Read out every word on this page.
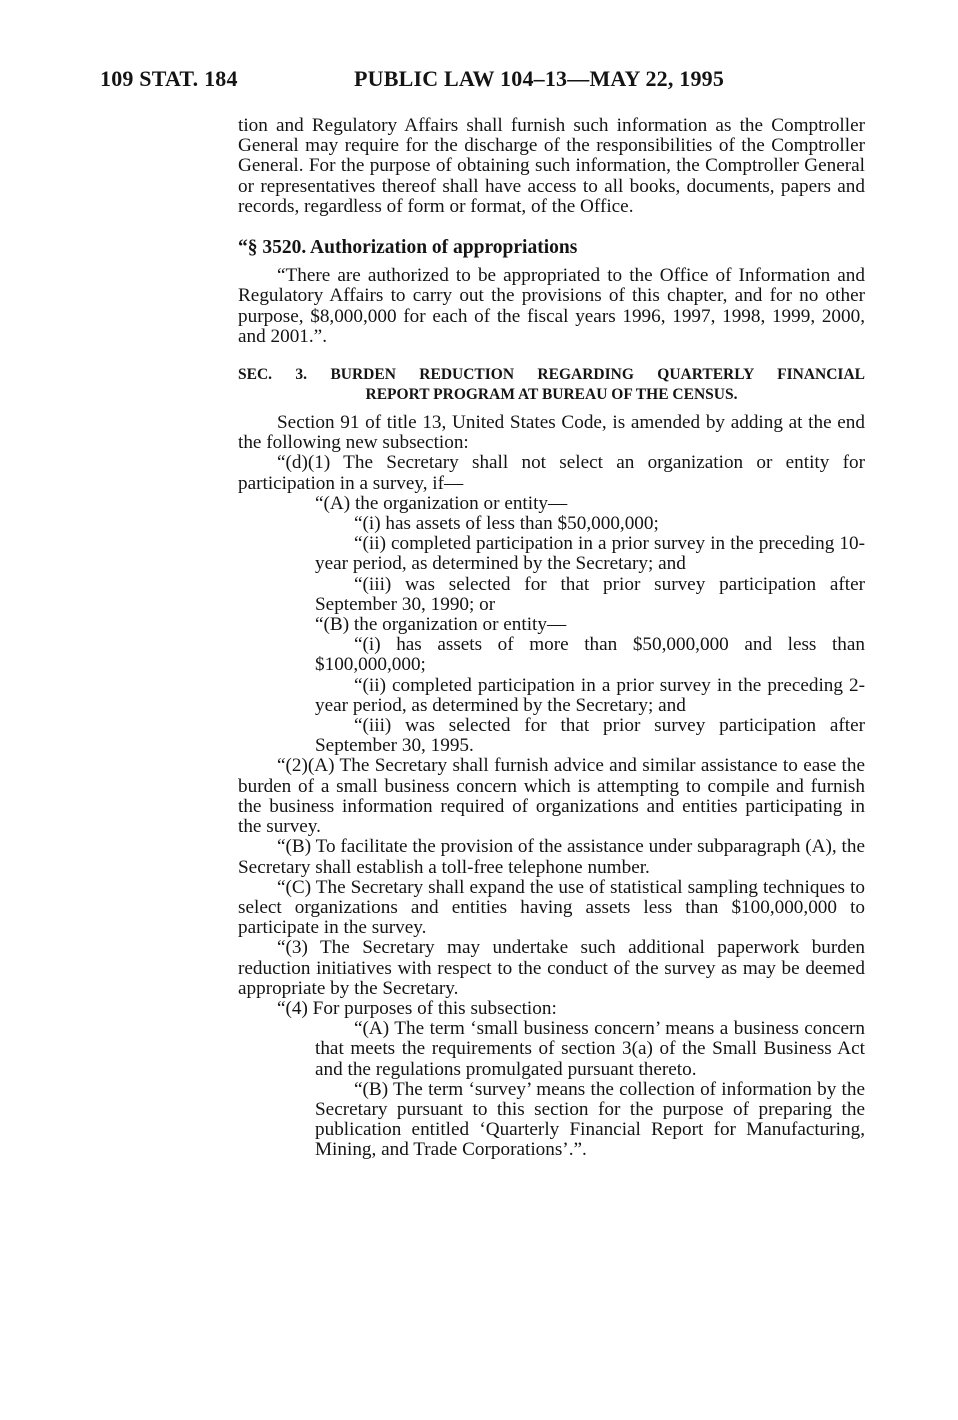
109 STAT. 184	PUBLIC LAW 104–13—MAY 22, 1995

tion and Regulatory Affairs shall furnish such information as the Comptroller General may require for the discharge of the responsibilities of the Comptroller General. For the purpose of obtaining such information, the Comptroller General or representatives thereof shall have access to all books, documents, papers and records, regardless of form or format, of the Office.

“§ 3520. Authorization of appropriations

“There are authorized to be appropriated to the Office of Information and Regulatory Affairs to carry out the provisions of this chapter, and for no other purpose, $8,000,000 for each of the fiscal years 1996, 1997, 1998, 1999, 2000, and 2001.”.

SEC. 3. BURDEN REDUCTION REGARDING QUARTERLY FINANCIAL
REPORT PROGRAM AT BUREAU OF THE CENSUS.

Section 91 of title 13, United States Code, is amended by adding at the end the following new subsection:

“(d)(1) The Secretary shall not select an organization or entity for participation in a survey, if—

“(A) the organization or entity—

“(i) has assets of less than $50,000,000;

“(ii) completed participation in a prior survey in the preceding 10-year period, as determined by the Secretary; and

“(iii) was selected for that prior survey participation after September 30, 1990; or

“(B) the organization or entity—

“(i) has assets of more than $50,000,000 and less than $100,000,000;

“(ii) completed participation in a prior survey in the preceding 2-year period, as determined by the Secretary; and

“(iii) was selected for that prior survey participation after September 30, 1995.

“(2)(A) The Secretary shall furnish advice and similar assistance to ease the burden of a small business concern which is attempting to compile and furnish the business information required of organizations and entities participating in the survey.

“(B) To facilitate the provision of the assistance under subparagraph (A), the Secretary shall establish a toll-free telephone number.

“(C) The Secretary shall expand the use of statistical sampling techniques to select organizations and entities having assets less than $100,000,000 to participate in the survey.

“(3) The Secretary may undertake such additional paperwork burden reduction initiatives with respect to the conduct of the survey as may be deemed appropriate by the Secretary.

“(4) For purposes of this subsection:

“(A) The term ‘small business concern’ means a business concern that meets the requirements of section 3(a) of the Small Business Act and the regulations promulgated pursuant thereto.

“(B) The term ‘survey’ means the collection of information by the Secretary pursuant to this section for the purpose of preparing the publication entitled ‘Quarterly Financial Report for Manufacturing, Mining, and Trade Corporations’.”.
